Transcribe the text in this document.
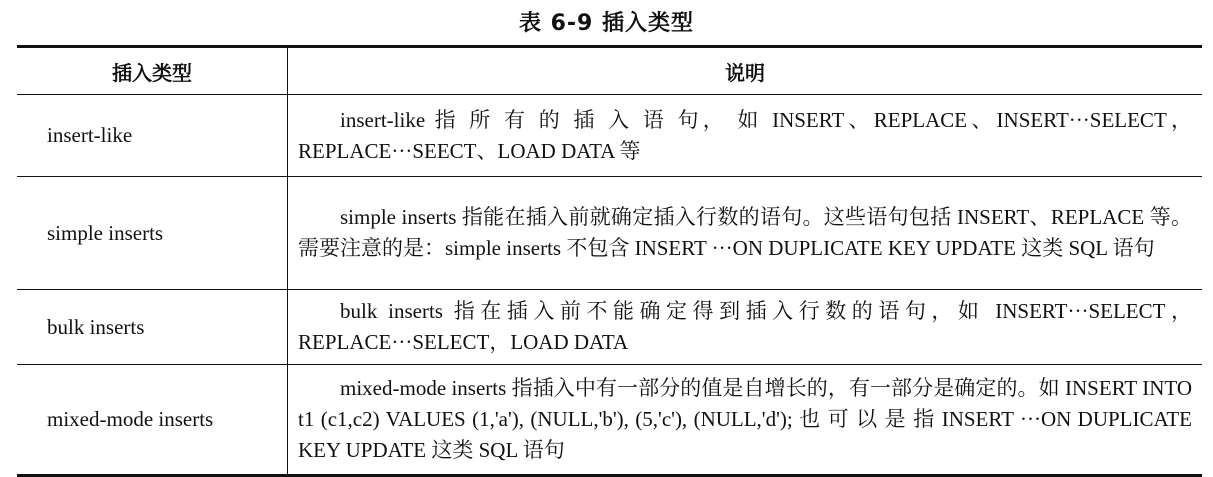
表 6-9 插入类型
插入类型	说明
insert-like	insert-like 指 所 有 的 插 入 语 句， 如 INSERT、REPLACE、INSERT···SELECT，REPLACE···SEECT、LOAD DATA 等
simple inserts	simple inserts 指能在插入前就确定插入行数的语句。这些语句包括 INSERT、REPLACE 等。需要注意的是：simple inserts 不包含 INSERT ···ON DUPLICATE KEY UPDATE 这类 SQL 语句
bulk inserts	bulk inserts 指在插入前不能确定得到插入行数的语句，如 INSERT···SELECT，REPLACE···SELECT，LOAD DATA
mixed-mode inserts	mixed-mode inserts 指插入中有一部分的值是自增长的，有一部分是确定的。如 INSERT INTO t1 (c1,c2) VALUES (1,'a'), (NULL,'b'), (5,'c'), (NULL,'d'); 也 可 以 是 指 INSERT ···ON DUPLICATE KEY UPDATE 这类 SQL 语句
